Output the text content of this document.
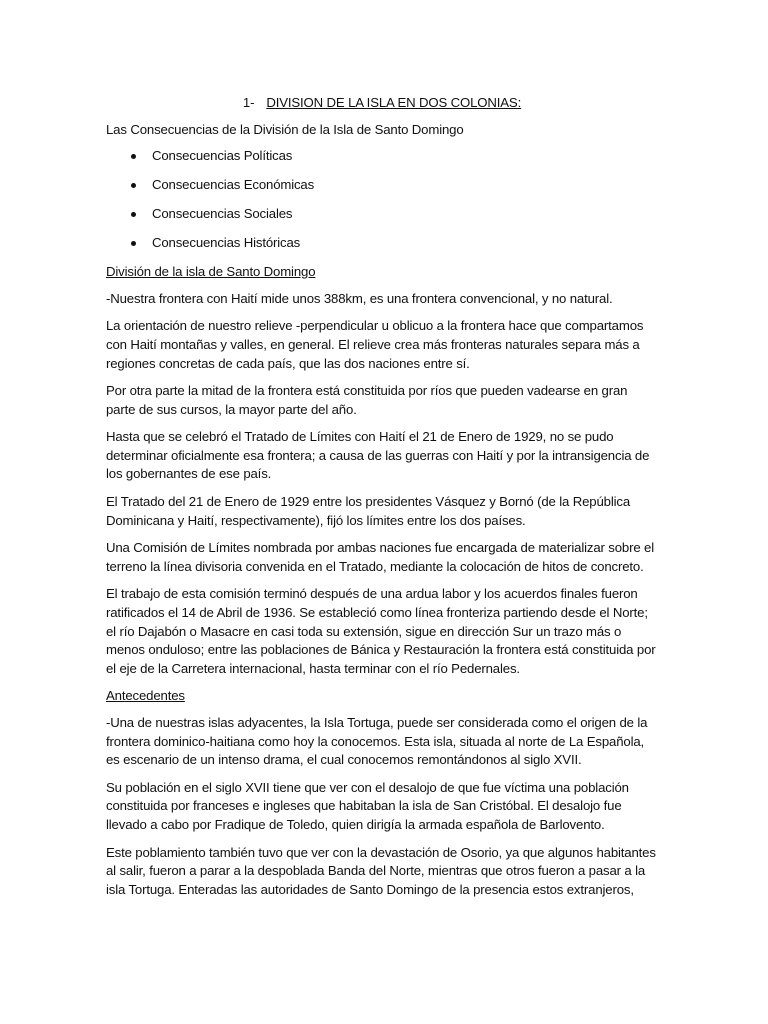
1- DIVISION DE LA ISLA EN DOS COLONIAS:
Las Consecuencias de la División de la Isla de Santo Domingo
Consecuencias Políticas
Consecuencias Económicas
Consecuencias Sociales
Consecuencias Históricas
División de la isla de Santo Domingo

-Nuestra frontera con Haití mide unos 388km, es una frontera convencional, y no natural.

La orientación de nuestro relieve -perpendicular u oblicuo a la frontera hace que compartamos con Haití montañas y valles, en general. El relieve crea más fronteras naturales separa más a regiones concretas de cada país, que las dos naciones entre sí.

Por otra parte la mitad de la frontera está constituida por ríos que pueden vadearse en gran parte de sus cursos, la mayor parte del año.

Hasta que se celebró el Tratado de Límites con Haití el 21 de Enero de 1929, no se pudo determinar oficialmente esa frontera; a causa de las guerras con Haití y por la intransigencia de los gobernantes de ese país.

El Tratado del 21 de Enero de 1929 entre los presidentes Vásquez y Bornó (de la República Dominicana y Haití, respectivamente), fijó los límites entre los dos países.

Una Comisión de Límites nombrada por ambas naciones fue encargada de materializar sobre el terreno la línea divisoria convenida en el Tratado, mediante la colocación de hitos de concreto.

El trabajo de esta comisión terminó después de una ardua labor y los acuerdos finales fueron ratificados el 14 de Abril de 1936. Se estableció como línea fronteriza partiendo desde el Norte; el río Dajabón o Masacre en casi toda su extensión, sigue en dirección Sur un trazo más o menos onduloso; entre las poblaciones de Bánica y Restauración la frontera está constituida por el eje de la Carretera internacional, hasta terminar con el río Pedernales.

Antecedentes

-Una de nuestras islas adyacentes, la Isla Tortuga, puede ser considerada como el origen de la frontera dominico-haitiana como hoy la conocemos. Esta isla, situada al norte de La Española, es escenario de un intenso drama, el cual conocemos remontándonos al siglo XVII.

Su población en el siglo XVII tiene que ver con el desalojo de que fue víctima una población constituida por franceses e ingleses que habitaban la isla de San Cristóbal. El desalojo fue llevado a cabo por Fradique de Toledo, quien dirigía la armada española de Barlovento.

Este poblamiento también tuvo que ver con la devastación de Osorio, ya que algunos habitantes al salir, fueron a parar a la despoblada Banda del Norte, mientras que otros fueron a pasar a la isla Tortuga. Enteradas las autoridades de Santo Domingo de la presencia estos extranjeros,
